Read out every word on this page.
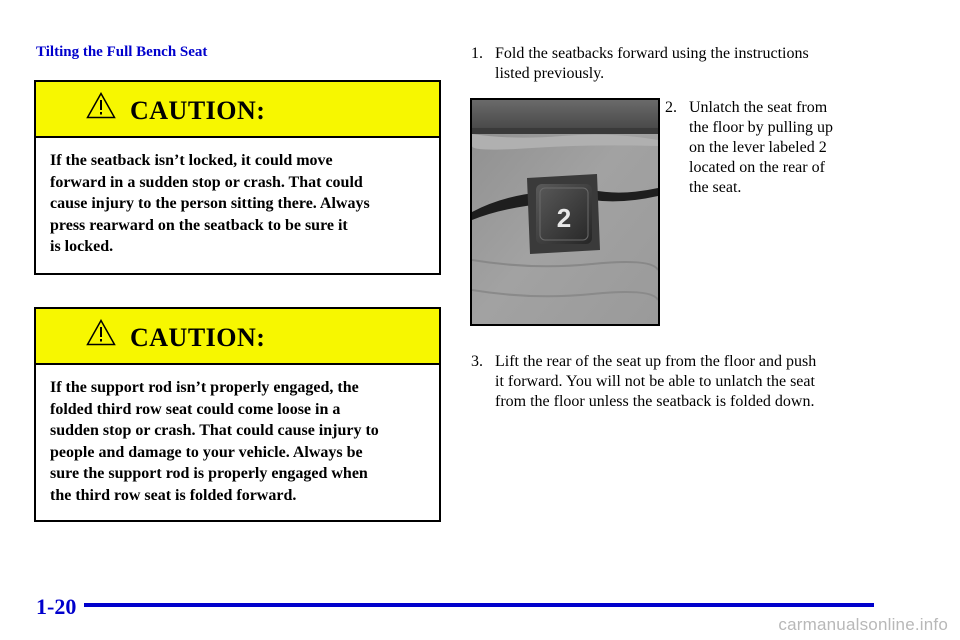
Tilting the Full Bench Seat
CAUTION:
If the seatback isn’t locked, it could move
forward in a sudden stop or crash. That could
cause injury to the person sitting there. Always
press rearward on the seatback to be sure it
is locked.
CAUTION:
If the support rod isn’t properly engaged, the
folded third row seat could come loose in a
sudden stop or crash. That could cause injury to
people and damage to your vehicle. Always be
sure the support rod is properly engaged when
the third row seat is folded forward.
1. Fold the seatbacks forward using the instructions
listed previously.
2
2. Unlatch the seat from
the floor by pulling up
on the lever labeled 2
located on the rear of
the seat.
3. Lift the rear of the seat up from the floor and push
it forward. You will not be able to unlatch the seat
from the floor unless the seatback is folded down.
1-20
carmanualsonline.info
